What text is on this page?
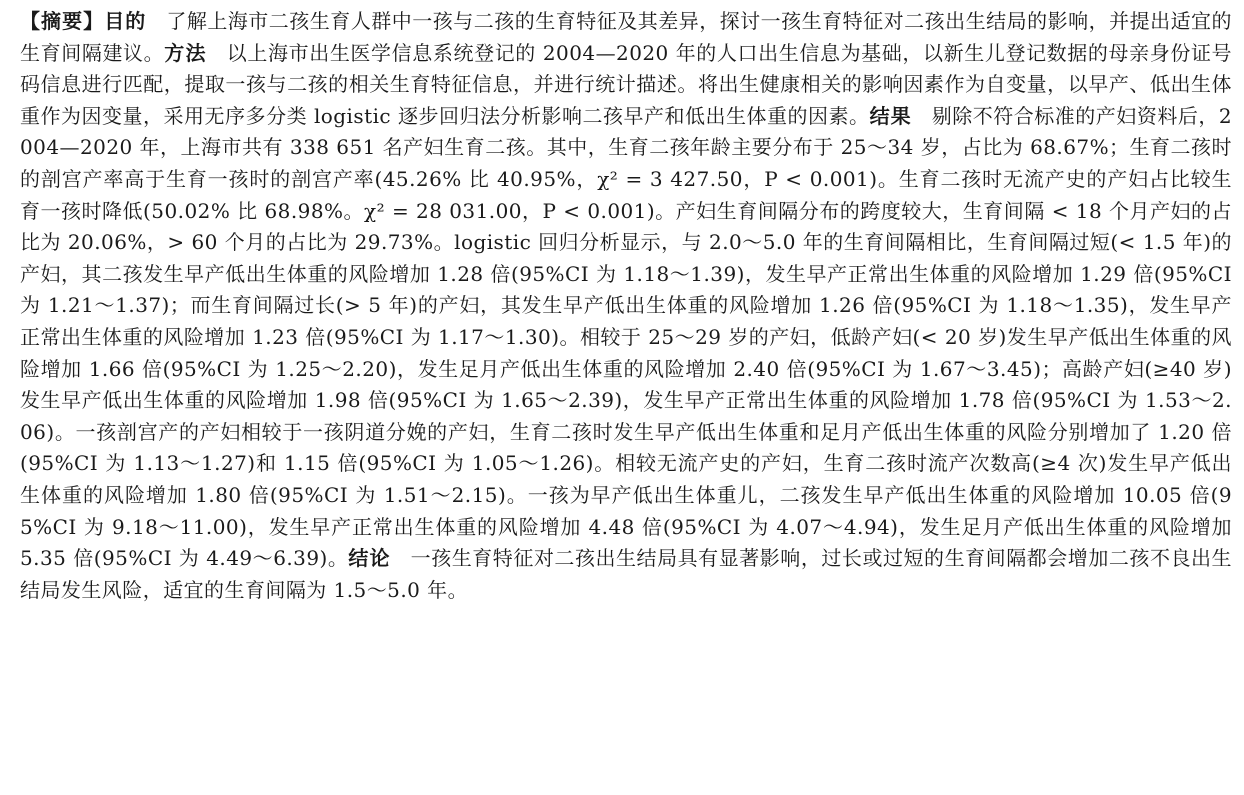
【摘要】目的 了解上海市二孩生育人群中一孩与二孩的生育特征及其差异，探讨一孩生育特征对二孩出生结局的影响，并提出适宜的生育间隔建议。方法 以上海市出生医学信息系统登记的 2004—2020 年的人口出生信息为基础，以新生儿登记数据的母亲身份证号码信息进行匹配，提取一孩与二孩的相关生育特征信息，并进行统计描述。将出生健康相关的影响因素作为自变量，以早产、低出生体重作为因变量，采用无序多分类 logistic 逐步回归法分析影响二孩早产和低出生体重的因素。结果 剔除不符合标准的产妇资料后，2004—2020 年，上海市共有 338 651 名产妇生育二孩。其中，生育二孩年龄主要分布于 25～34 岁，占比为 68.67%；生育二孩时的剖宫产率高于生育一孩时的剖宫产率(45.26% 比 40.95%，χ² = 3 427.50，P < 0.001)。生育二孩时无流产史的产妇占比较生育一孩时降低(50.02% 比 68.98%。χ² = 28 031.00，P < 0.001)。产妇生育间隔分布的跨度较大，生育间隔 < 18 个月产妇的占比为 20.06%，> 60 个月的占比为 29.73%。logistic 回归分析显示，与 2.0～5.0 年的生育间隔相比，生育间隔过短(< 1.5 年)的产妇，其二孩发生早产低出生体重的风险增加 1.28 倍(95%CI 为 1.18～1.39)，发生早产正常出生体重的风险增加 1.29 倍(95%CI 为 1.21～1.37)；而生育间隔过长(> 5 年)的产妇，其发生早产低出生体重的风险增加 1.26 倍(95%CI 为 1.18～1.35)，发生早产正常出生体重的风险增加 1.23 倍(95%CI 为 1.17～1.30)。相较于 25～29 岁的产妇，低龄产妇(< 20 岁)发生早产低出生体重的风险增加 1.66 倍(95%CI 为 1.25～2.20)，发生足月产低出生体重的风险增加 2.40 倍(95%CI 为 1.67～3.45)；高龄产妇(≥40 岁)发生早产低出生体重的风险增加 1.98 倍(95%CI 为 1.65～2.39)，发生早产正常出生体重的风险增加 1.78 倍(95%CI 为 1.53～2.06)。一孩剖宫产的产妇相较于一孩阴道分娩的产妇，生育二孩时发生早产低出生体重和足月产低出生体重的风险分别增加了 1.20 倍(95%CI 为 1.13～1.27)和 1.15 倍(95%CI 为 1.05～1.26)。相较无流产史的产妇，生育二孩时流产次数高(≥4 次)发生早产低出生体重的风险增加 1.80 倍(95%CI 为 1.51～2.15)。一孩为早产低出生体重儿，二孩发生早产低出生体重的风险增加 10.05 倍(95%CI 为 9.18～11.00)，发生早产正常出生体重的风险增加 4.48 倍(95%CI 为 4.07～4.94)，发生足月产低出生体重的风险增加 5.35 倍(95%CI 为 4.49～6.39)。结论 一孩生育特征对二孩出生结局具有显著影响，过长或过短的生育间隔都会增加二孩不良出生结局发生风险，适宜的生育间隔为 1.5～5.0 年。
